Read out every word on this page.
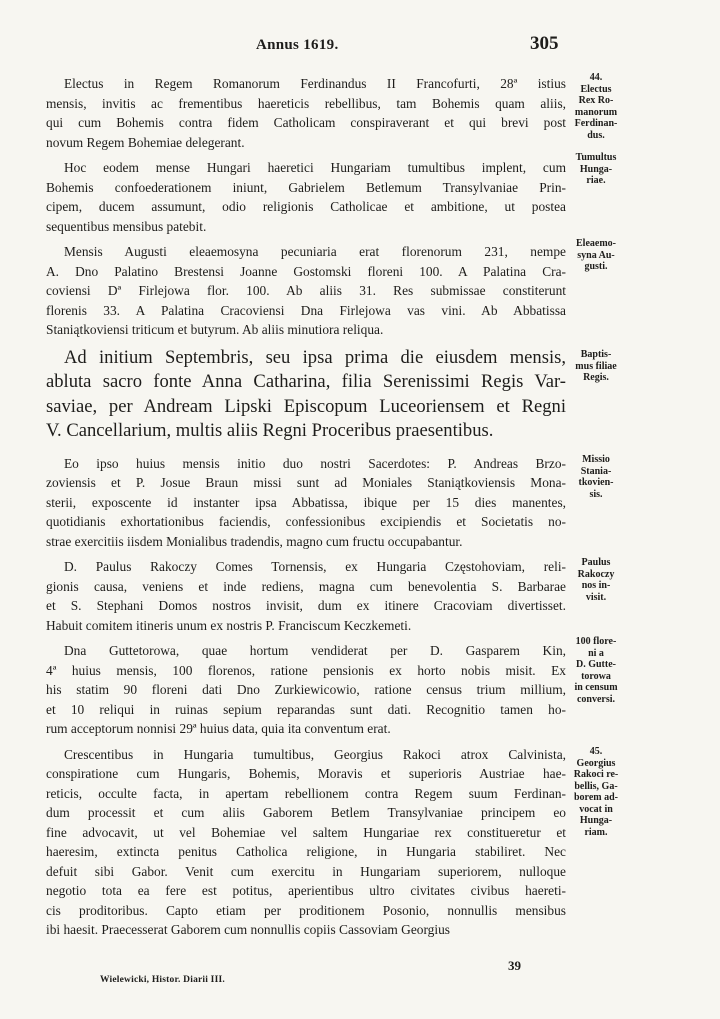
Annus 1619.	305

Electus in Regem Romanorum Ferdinandus II Francofurti, 28ª istius
mensis, invitis ac frementibus haereticis rebellibus, tam Bohemis quam aliis,
qui cum Bohemis contra fidem Catholicam conspiraverant et qui brevi post
novum Regem Bohemiae delegerant.

Hoc eodem mense Hungari haeretici Hungariam tumultibus implent, cum
Bohemis confoederationem iniunt, Gabrielem Betlemum Transylvaniae Prin-
cipem, ducem assumunt, odio religionis Catholicae et ambitione, ut postea
sequentibus mensibus patebit.

Mensis Augusti eleaemosyna pecuniaria erat florenorum 231, nempe
A. Dno Palatino Brestensi Joanne Gostomski floreni 100. A Palatina Cra-
coviensi Dª Firlejowa flor. 100. Ab aliis 31. Res submissae constiterunt
florenis 33. A Palatina Cracoviensi Dna Firlejowa vas vini. Ab Abbatissa
Staniątkoviensi triticum et butyrum. Ab aliis minutiora reliqua.

Ad initium Septembris, seu ipsa prima die eiusdem mensis,
abluta sacro fonte Anna Catharina, filia Serenissimi Regis Var-
saviae, per Andream Lipski Episcopum Luceoriensem et Regni
V. Cancellarium, multis aliis Regni Proceribus praesentibus.

Eo ipso huius mensis initio duo nostri Sacerdotes: P. Andreas Brzo-
zoviensis et P. Josue Braun missi sunt ad Moniales Staniątkoviensis Mona-
sterii, exposcente id instanter ipsa Abbatissa, ibique per 15 dies manentes,
quotidianis exhortationibus faciendis, confessionibus excipiendis et Societatis no-
strae exercitiis iisdem Monialibus tradendis, magno cum fructu occupabantur.

D. Paulus Rakoczy Comes Tornensis, ex Hungaria Częstohoviam, reli-
gionis causa, veniens et inde rediens, magna cum benevolentia S. Barbarae
et S. Stephani Domos nostros invisit, dum ex itinere Cracoviam divertisset.
Habuit comitem itineris unum ex nostris P. Franciscum Keczkemeti.

Dna Guttetorowa, quae hortum vendiderat per D. Gasparem Kin,
4ª huius mensis, 100 florenos, ratione pensionis ex horto nobis misit. Ex
his statim 90 floreni dati Dno Zurkiewicowio, ratione census trium millium,
et 10 reliqui in ruinas sepium reparandas sunt dati. Recognitio tamen ho-
rum acceptorum nonnisi 29ª huius data, quia ita conventum erat.

Crescentibus in Hungaria tumultibus, Georgius Rakoci atrox Calvinista,
conspiratione cum Hungaris, Bohemis, Moravis et superioris Austriae hae-
reticis, occulte facta, in apertam rebellionem contra Regem suum Ferdinan-
dum processit et cum aliis Gaborem Betlem Transylvaniae principem eo
fine advocavit, ut vel Bohemiae vel saltem Hungariae rex constitueretur et
haeresim, extincta penitus Catholica religione, in Hungaria stabiliret. Nec
defuit sibi Gabor. Venit cum exercitu in Hungariam superiorem, nulloque
negotio tota ea fere est potitus, aperientibus ultro civitates civibus haereti-
cis proditoribus. Capto etiam per proditionem Posonio, nonnullis mensibus
ibi haesit. Praecesserat Gaborem cum nonnullis copiis Cassoviam Georgius

44.
Electus
Rex Ro-
manorum
Ferdinan-
dus.
Tumultus
Hunga-
riae.
Eleaemo-
syna Au-
gusti.
Baptis-
mus filiae
Regis.
Missio
Stania-
tkovien-
sis.
Paulus
Rakoczy
nos in-
visit.
100 flore-
ni a
D. Gutte-
torowa
in censum
conversi.
45.
Georgius
Rakoci re-
bellis, Ga-
borem ad-
vocat in
Hunga-
riam.
Wielewicki, Histor. Diarii III.
39
